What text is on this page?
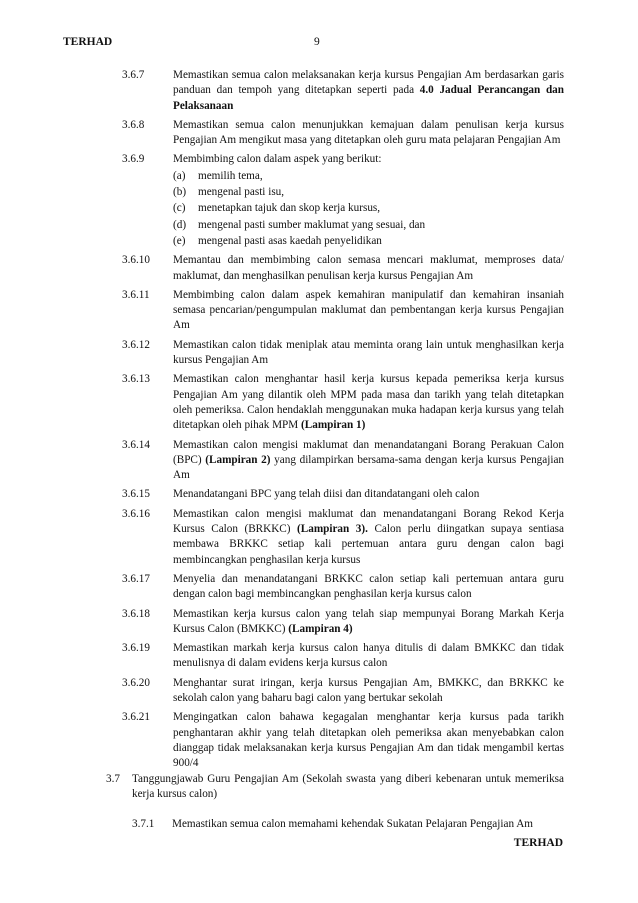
TERHAD	9
3.6.7	Memastikan semua calon melaksanakan kerja kursus Pengajian Am berdasarkan garis panduan dan tempoh yang ditetapkan seperti pada 4.0 Jadual Perancangan dan Pelaksanaan
3.6.8	Memastikan semua calon menunjukkan kemajuan dalam penulisan kerja kursus Pengajian Am mengikut masa yang ditetapkan oleh guru mata pelajaran Pengajian Am
3.6.9	Membimbing calon dalam aspek yang berikut:
(a)	memilih tema,
(b)	mengenal pasti isu,
(c)	menetapkan tajuk dan skop kerja kursus,
(d)	mengenal pasti sumber maklumat yang sesuai, dan
(e)	mengenal pasti asas kaedah penyelidikan
3.6.10	Memantau dan membimbing calon semasa mencari maklumat, memproses data/ maklumat, dan menghasilkan penulisan kerja kursus Pengajian Am
3.6.11	Membimbing calon dalam aspek kemahiran manipulatif dan kemahiran insaniah semasa pencarian/pengumpulan maklumat dan pembentangan kerja kursus Pengajian Am
3.6.12	Memastikan calon tidak meniplak atau meminta orang lain untuk menghasilkan kerja kursus Pengajian Am
3.6.13	Memastikan calon menghantar hasil kerja kursus kepada pemeriksa kerja kursus Pengajian Am yang dilantik oleh MPM pada masa dan tarikh yang telah ditetapkan oleh pemeriksa. Calon hendaklah menggunakan muka hadapan kerja kursus yang telah ditetapkan oleh pihak MPM (Lampiran 1)
3.6.14	Memastikan calon mengisi maklumat dan menandatangani Borang Perakuan Calon (BPC) (Lampiran 2) yang dilampirkan bersama-sama dengan kerja kursus Pengajian Am
3.6.15	Menandatangani BPC yang telah diisi dan ditandatangani oleh calon
3.6.16	Memastikan calon mengisi maklumat dan menandatangani Borang Rekod Kerja Kursus Calon (BRKKC) (Lampiran 3). Calon perlu diingatkan supaya sentiasa membawa BRKKC setiap kali pertemuan antara guru dengan calon bagi membincangkan penghasilan kerja kursus
3.6.17	Menyelia dan menandatangani BRKKC calon setiap kali pertemuan antara guru dengan calon bagi membincangkan penghasilan kerja kursus calon
3.6.18	Memastikan kerja kursus calon yang telah siap mempunyai Borang Markah Kerja Kursus Calon (BMKKC) (Lampiran 4)
3.6.19	Memastikan markah kerja kursus calon hanya ditulis di dalam BMKKC dan tidak menulisnya di dalam evidens kerja kursus calon
3.6.20	Menghantar surat iringan, kerja kursus Pengajian Am, BMKKC, dan BRKKC ke sekolah calon yang baharu bagi calon yang bertukar sekolah
3.6.21	Mengingatkan calon bahawa kegagalan menghantar kerja kursus pada tarikh penghantaran akhir yang telah ditetapkan oleh pemeriksa akan menyebabkan calon dianggap tidak melaksanakan kerja kursus Pengajian Am dan tidak mengambil kertas 900/4
3.7	Tanggungjawab Guru Pengajian Am (Sekolah swasta yang diberi kebenaran untuk memeriksa kerja kursus calon)
3.7.1	Memastikan semua calon memahami kehendak Sukatan Pelajaran Pengajian Am
TERHAD
